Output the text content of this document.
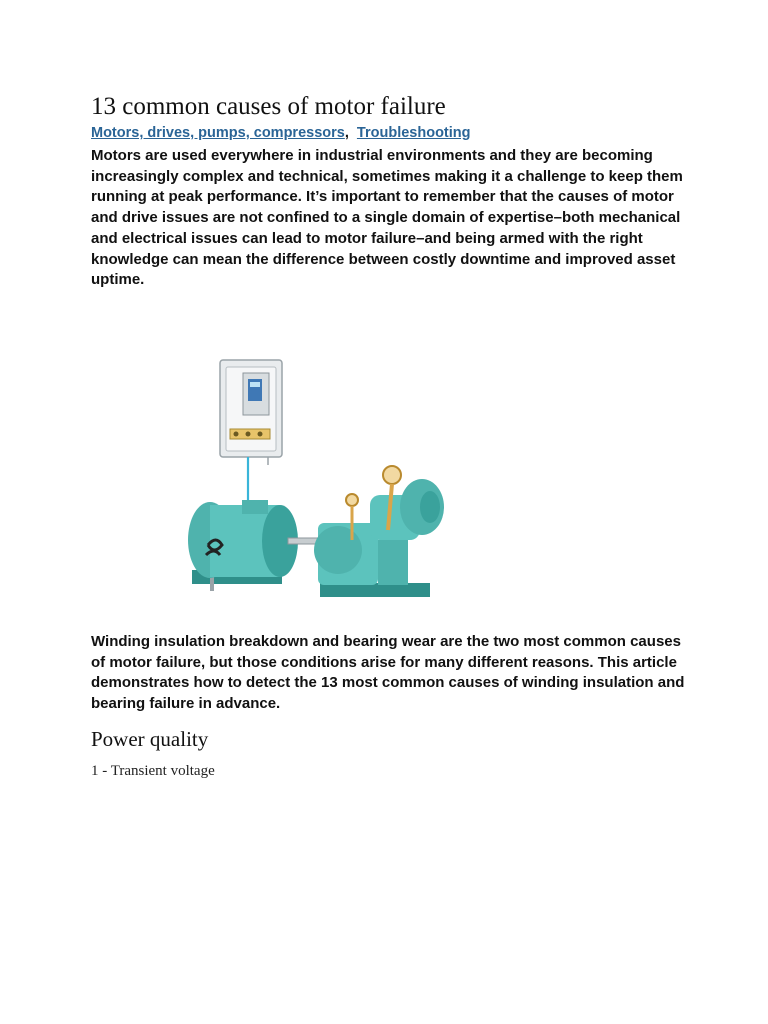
13 common causes of motor failure
Motors, drives, pumps, compressors, Troubleshooting

Motors are used everywhere in industrial environments and they are becoming increasingly complex and technical, sometimes making it a challenge to keep them running at peak performance. It’s important to remember that the causes of motor and drive issues are not confined to a single domain of expertise–both mechanical and electrical issues can lead to motor failure–and being armed with the right knowledge can mean the difference between costly downtime and improved asset uptime.

Winding insulation breakdown and bearing wear are the two most common causes of motor failure, but those conditions arise for many different reasons. This article demonstrates how to detect the 13 most common causes of winding insulation and bearing failure in advance.

Power quality

1 - Transient voltage
